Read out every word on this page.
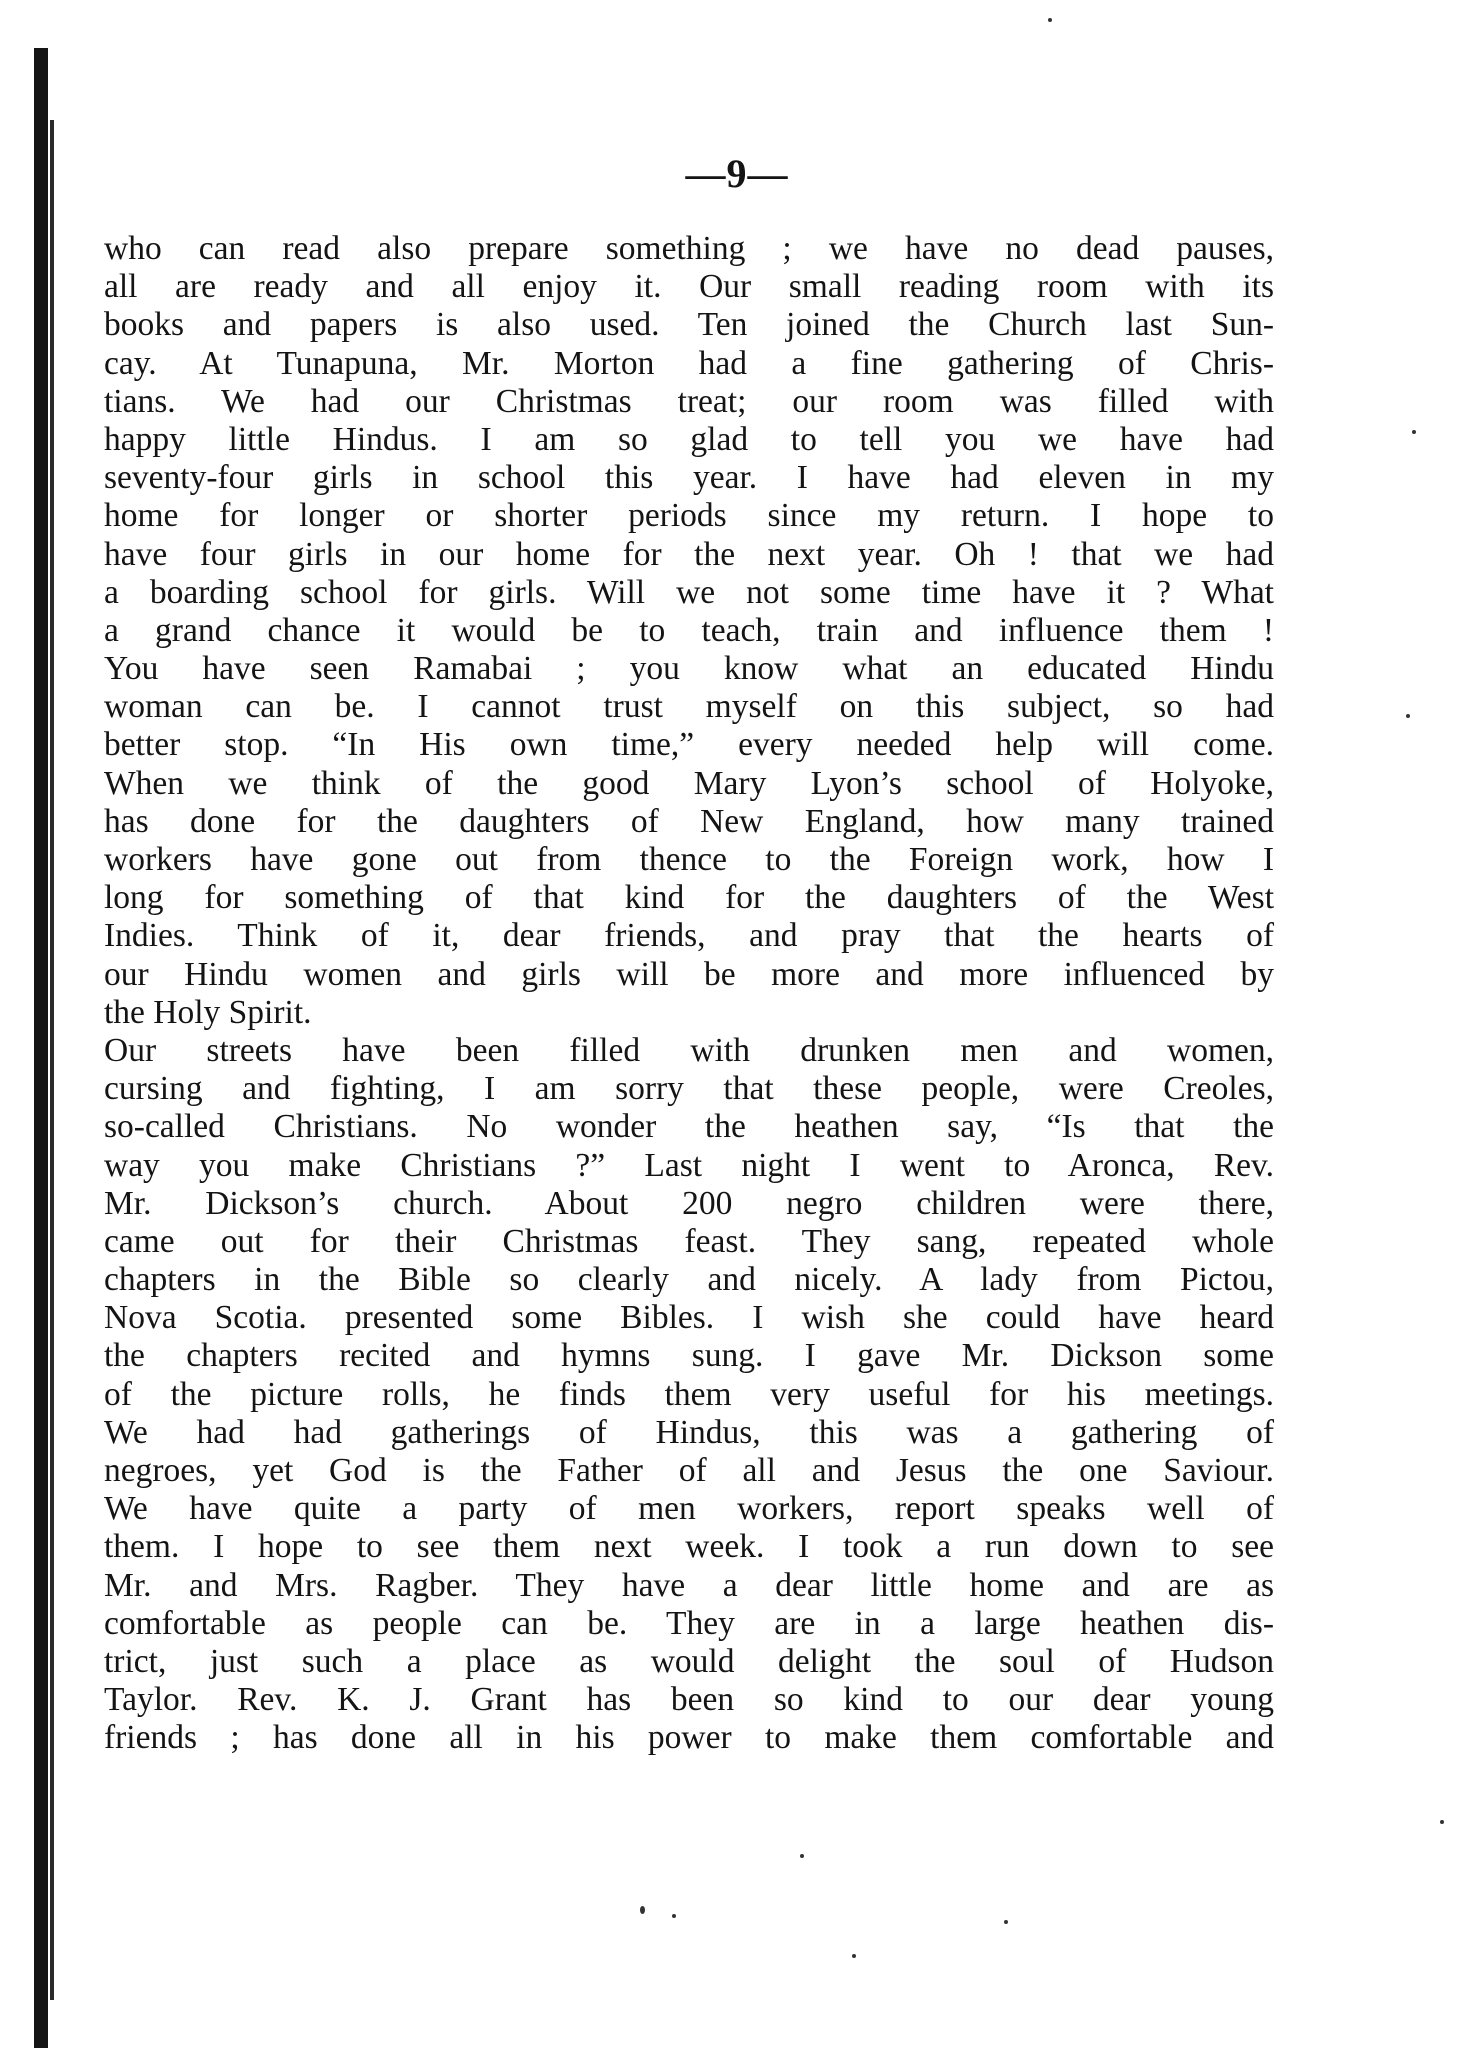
—9—
who can read also prepare something ; we have no dead pauses,
all are ready and all enjoy it. Our small reading room with its
books and papers is also used. Ten joined the Church last Sun-
cay. At Tunapuna, Mr. Morton had a fine gathering of Chris-
tians. We had our Christmas treat; our room was filled with
happy little Hindus. I am so glad to tell you we have had
seventy-four girls in school this year. I have had eleven in my
home for longer or shorter periods since my return. I hope to
have four girls in our home for the next year. Oh ! that we had
a boarding school for girls. Will we not some time have it ? What
a grand chance it would be to teach, train and influence them !
You have seen Ramabai ; you know what an educated Hindu
woman can be. I cannot trust myself on this subject, so had
better stop. “In His own time,” every needed help will come.
When we think of the good Mary Lyon’s school of Holyoke,
has done for the daughters of New England, how many trained
workers have gone out from thence to the Foreign work, how I
long for something of that kind for the daughters of the West
Indies. Think of it, dear friends, and pray that the hearts of
our Hindu women and girls will be more and more influenced by
the Holy Spirit.
Our streets have been filled with drunken men and women,
cursing and fighting, I am sorry that these people, were Creoles,
so-called Christians. No wonder the heathen say, “Is that the
way you make Christians ?” Last night I went to Aronca, Rev.
Mr. Dickson’s church. About 200 negro children were there,
came out for their Christmas feast. They sang, repeated whole
chapters in the Bible so clearly and nicely. A lady from Pictou,
Nova Scotia. presented some Bibles. I wish she could have heard
the chapters recited and hymns sung. I gave Mr. Dickson some
of the picture rolls, he finds them very useful for his meetings.
We had had gatherings of Hindus, this was a gathering of
negroes, yet God is the Father of all and Jesus the one Saviour.
We have quite a party of men workers, report speaks well of
them. I hope to see them next week. I took a run down to see
Mr. and Mrs. Ragber. They have a dear little home and are as
comfortable as people can be. They are in a large heathen dis-
trict, just such a place as would delight the soul of Hudson
Taylor. Rev. K. J. Grant has been so kind to our dear young
friends ; has done all in his power to make them comfortable and
